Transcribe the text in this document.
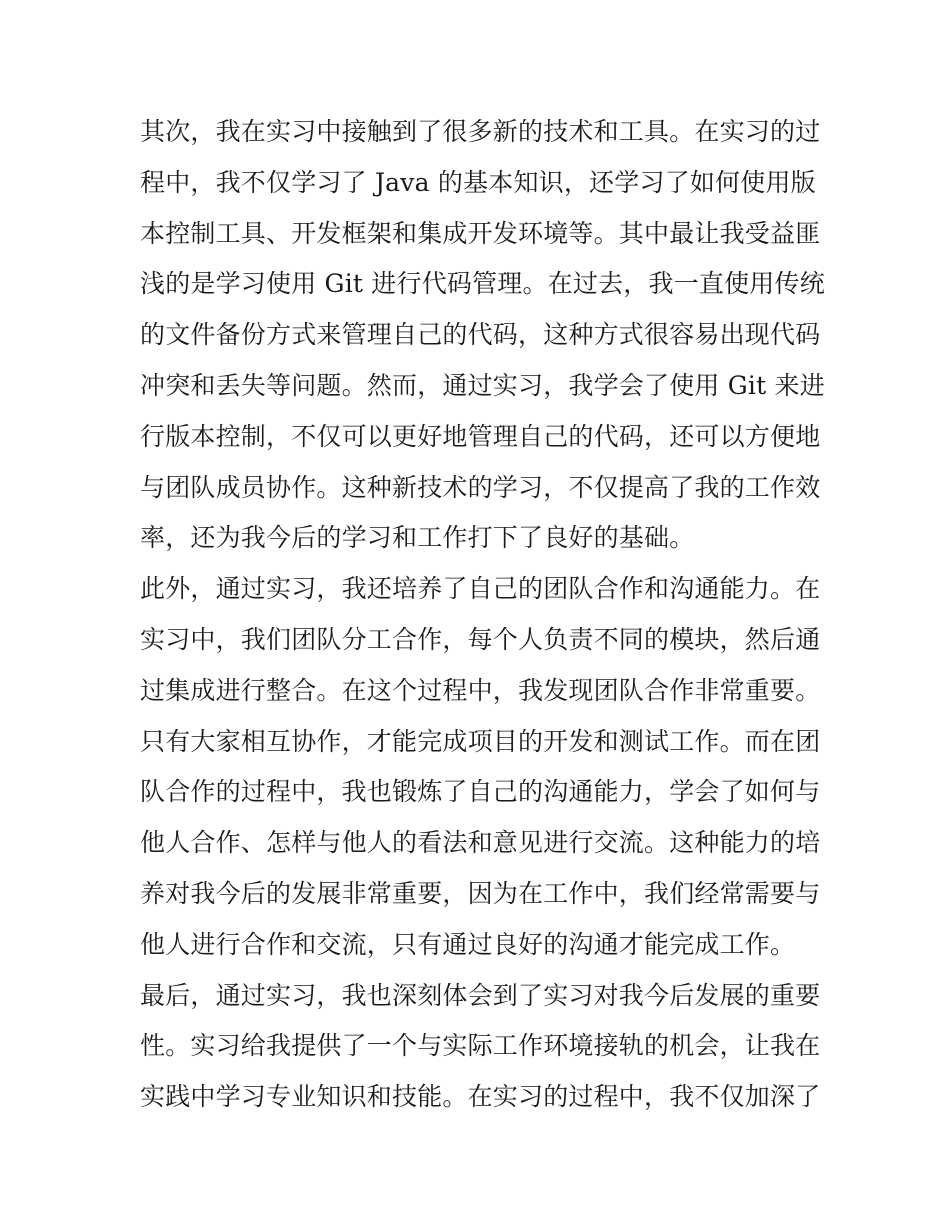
其次，我在实习中接触到了很多新的技术和工具。在实习的过
程中，我不仅学习了 Java 的基本知识，还学习了如何使用版
本控制工具、开发框架和集成开发环境等。其中最让我受益匪
浅的是学习使用 Git 进行代码管理。在过去，我一直使用传统
的文件备份方式来管理自己的代码，这种方式很容易出现代码
冲突和丢失等问题。然而，通过实习，我学会了使用 Git 来进
行版本控制，不仅可以更好地管理自己的代码，还可以方便地
与团队成员协作。这种新技术的学习，不仅提高了我的工作效
率，还为我今后的学习和工作打下了良好的基础。
此外，通过实习，我还培养了自己的团队合作和沟通能力。在
实习中，我们团队分工合作，每个人负责不同的模块，然后通
过集成进行整合。在这个过程中，我发现团队合作非常重要。
只有大家相互协作，才能完成项目的开发和测试工作。而在团
队合作的过程中，我也锻炼了自己的沟通能力，学会了如何与
他人合作、怎样与他人的看法和意见进行交流。这种能力的培
养对我今后的发展非常重要，因为在工作中，我们经常需要与
他人进行合作和交流，只有通过良好的沟通才能完成工作。
最后，通过实习，我也深刻体会到了实习对我今后发展的重要
性。实习给我提供了一个与实际工作环境接轨的机会，让我在
实践中学习专业知识和技能。在实习的过程中，我不仅加深了
